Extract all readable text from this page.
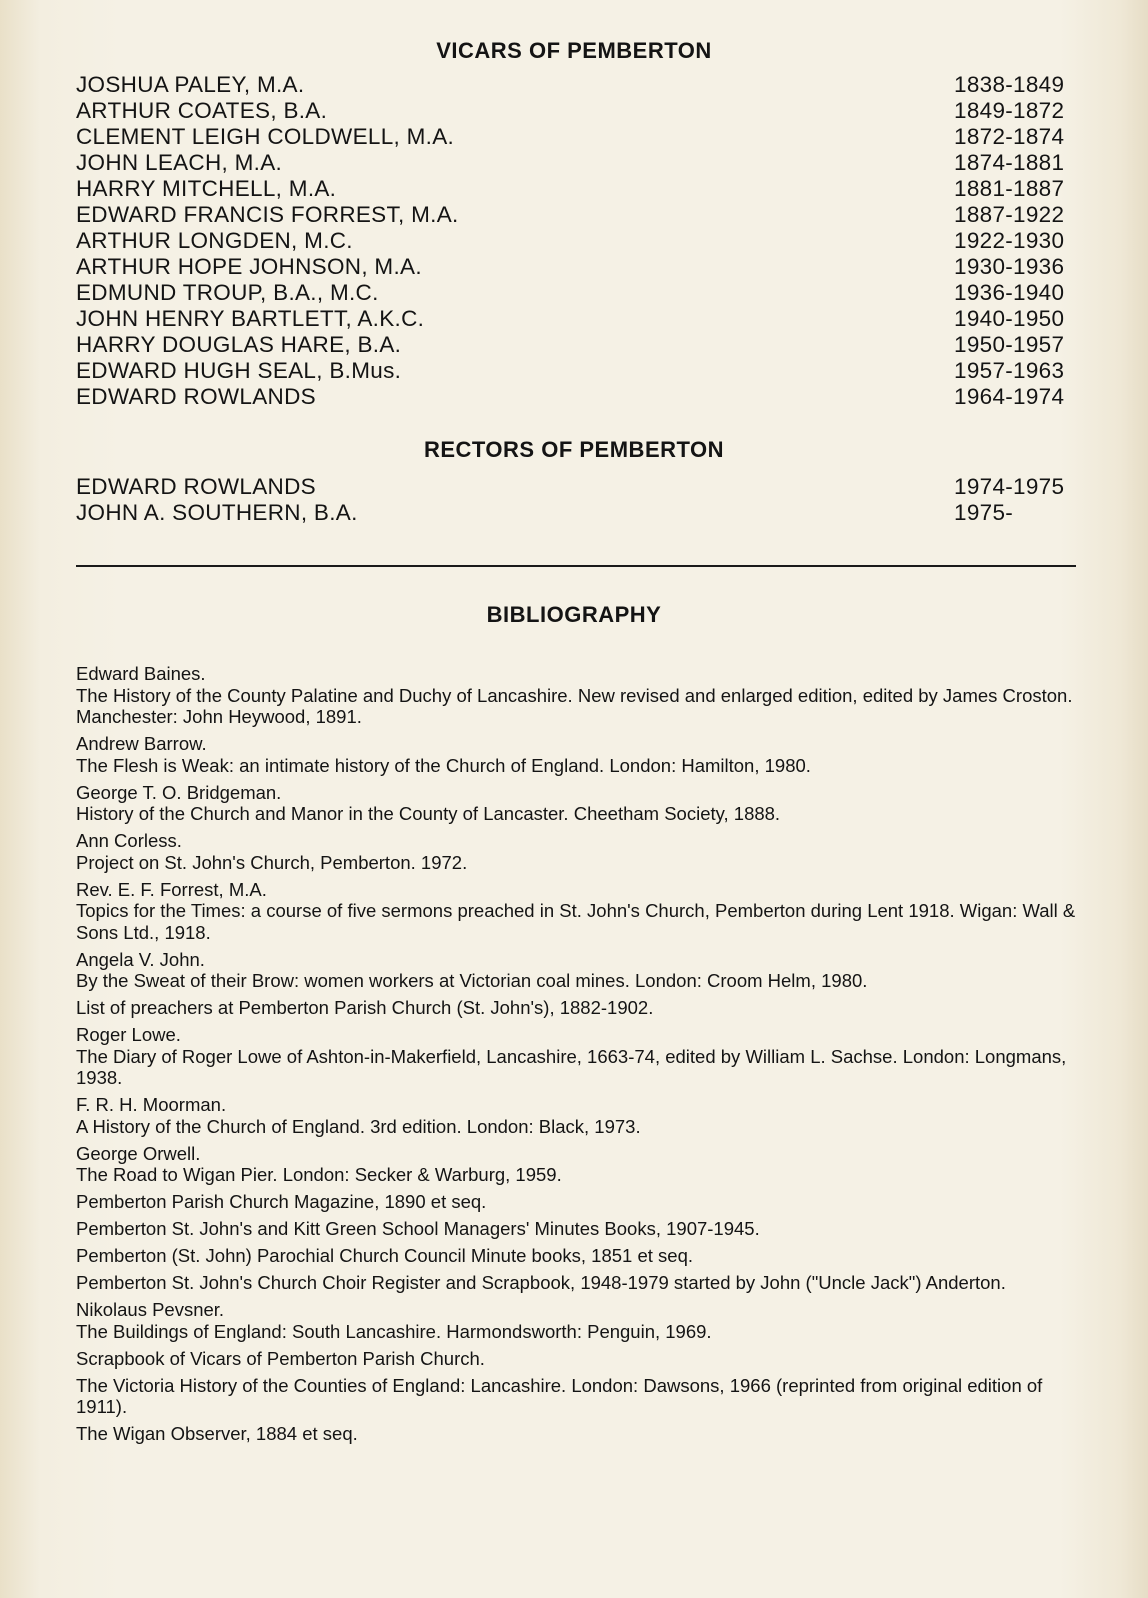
VICARS OF PEMBERTON
JOSHUA PALEY, M.A.	1838-1849
ARTHUR COATES, B.A.	1849-1872
CLEMENT LEIGH COLDWELL, M.A.	1872-1874
JOHN LEACH, M.A.	1874-1881
HARRY MITCHELL, M.A.	1881-1887
EDWARD FRANCIS FORREST, M.A.	1887-1922
ARTHUR LONGDEN, M.C.	1922-1930
ARTHUR HOPE JOHNSON, M.A.	1930-1936
EDMUND TROUP, B.A., M.C.	1936-1940
JOHN HENRY BARTLETT, A.K.C.	1940-1950
HARRY DOUGLAS HARE, B.A.	1950-1957
EDWARD HUGH SEAL, B.Mus.	1957-1963
EDWARD ROWLANDS	1964-1974
RECTORS OF PEMBERTON
EDWARD ROWLANDS	1974-1975
JOHN A. SOUTHERN, B.A.	1975-
BIBLIOGRAPHY
Edward Baines.
The History of the County Palatine and Duchy of Lancashire. New revised and enlarged edition, edited by James Croston. Manchester: John Heywood, 1891.
Andrew Barrow.
The Flesh is Weak: an intimate history of the Church of England. London: Hamilton, 1980.
George T. O. Bridgeman.
History of the Church and Manor in the County of Lancaster. Cheetham Society, 1888.
Ann Corless.
Project on St. John's Church, Pemberton. 1972.
Rev. E. F. Forrest, M.A.
Topics for the Times: a course of five sermons preached in St. John's Church, Pemberton during Lent 1918. Wigan: Wall & Sons Ltd., 1918.
Angela V. John.
By the Sweat of their Brow: women workers at Victorian coal mines. London: Croom Helm, 1980.
List of preachers at Pemberton Parish Church (St. John's), 1882-1902.
Roger Lowe.
The Diary of Roger Lowe of Ashton-in-Makerfield, Lancashire, 1663-74, edited by William L. Sachse. London: Longmans, 1938.
F. R. H. Moorman.
A History of the Church of England. 3rd edition. London: Black, 1973.
George Orwell.
The Road to Wigan Pier. London: Secker & Warburg, 1959.
Pemberton Parish Church Magazine, 1890 et seq.
Pemberton St. John's and Kitt Green School Managers' Minutes Books, 1907-1945.
Pemberton (St. John) Parochial Church Council Minute books, 1851 et seq.
Pemberton St. John's Church Choir Register and Scrapbook, 1948-1979 started by John ("Uncle Jack") Anderton.
Nikolaus Pevsner.
The Buildings of England: South Lancashire. Harmondsworth: Penguin, 1969.
Scrapbook of Vicars of Pemberton Parish Church.
The Victoria History of the Counties of England: Lancashire. London: Dawsons, 1966 (reprinted from original edition of 1911).
The Wigan Observer, 1884 et seq.
